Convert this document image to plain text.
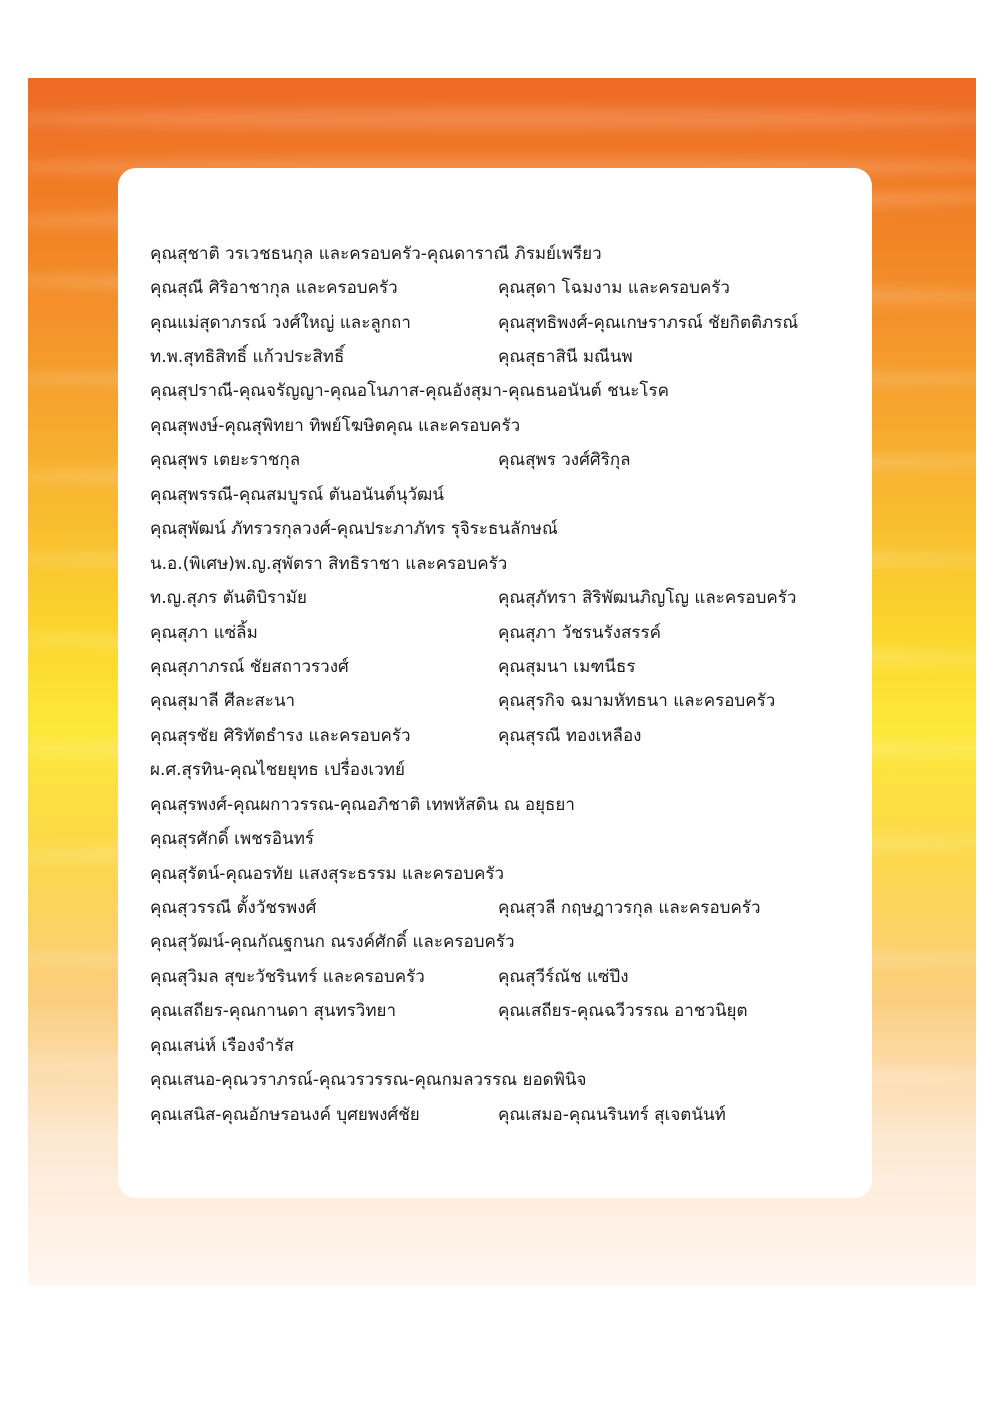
คุณสุชาติ วรเวชธนกุล และครอบครัว-คุณดาราณี ภิรมย์เพรียว
คุณสุณี ศิริอาชากุล และครอบครัว	คุณสุดา โฉมงาม และครอบครัว
คุณแม่สุดาภรณ์ วงศ์ใหญ่ และลูกถา	คุณสุทธิพงศ์-คุณเกษราภรณ์ ชัยกิตติภรณ์
ท.พ.สุทธิสิทธิ์ แก้วประสิทธิ์	คุณสุธาสินี มณีนพ
คุณสุปราณี-คุณจรัญญา-คุณอโนภาส-คุณอังสุมา-คุณธนอนันต์ ชนะโรค
คุณสุพงษ์-คุณสุพิทยา ทิพย์โฆษิตคุณ และครอบครัว
คุณสุพร เตยะราชกุล	คุณสุพร วงศ์ศิริกุล
คุณสุพรรณี-คุณสมบูรณ์ ตันอนันต์นุวัฒน์
คุณสุพัฒน์ ภัทรวรกุลวงศ์-คุณประภาภัทร รุจิระธนลักษณ์
น.อ.(พิเศษ)พ.ญ.สุพัตรา สิทธิราชา และครอบครัว
ท.ญ.สุภร ตันติบิรามัย	คุณสุภัทรา สิริพัฒนภิญโญ และครอบครัว
คุณสุภา แซ่ลิ้ม	คุณสุภา วัชรนรังสรรค์
คุณสุภาภรณ์ ชัยสถาวรวงศ์	คุณสุมนา เมฑนีธร
คุณสุมาลี ศีละสะนา	คุณสุรกิจ ฉมามหัทธนา และครอบครัว
คุณสุรชัย ศิริทัตธำรง และครอบครัว	คุณสุรณี ทองเหลือง
ผ.ศ.สุรทิน-คุณไชยยุทธ เปรื่องเวทย์
คุณสุรพงศ์-คุณผกาวรรณ-คุณอภิชาติ เทพหัสดิน ณ อยุธยา
คุณสุรศักดิ์ เพชรอินทร์
คุณสุรัตน์-คุณอรทัย แสงสุระธรรม และครอบครัว
คุณสุวรรณี ตั้งวัชรพงศ์	คุณสุวลี กฤษฎาวรกุล และครอบครัว
คุณสุวัฒน์-คุณกัณฐกนก ณรงค์ศักดิ์ และครอบครัว
คุณสุวิมล สุขะวัชรินทร์ และครอบครัว	คุณสุวีร์ณัช แซ่ปึง
คุณเสถียร-คุณกานดา สุนทรวิทยา	คุณเสถียร-คุณฉวีวรรณ อาชวนิยุต
คุณเสน่ห์ เรืองจำรัส
คุณเสนอ-คุณวราภรณ์-คุณวรวรรณ-คุณกมลวรรณ ยอดพินิจ
คุณเสนิส-คุณอักษรอนงค์ บุศยพงศ์ชัย	คุณเสมอ-คุณนรินทร์ สุเจตนันท์
